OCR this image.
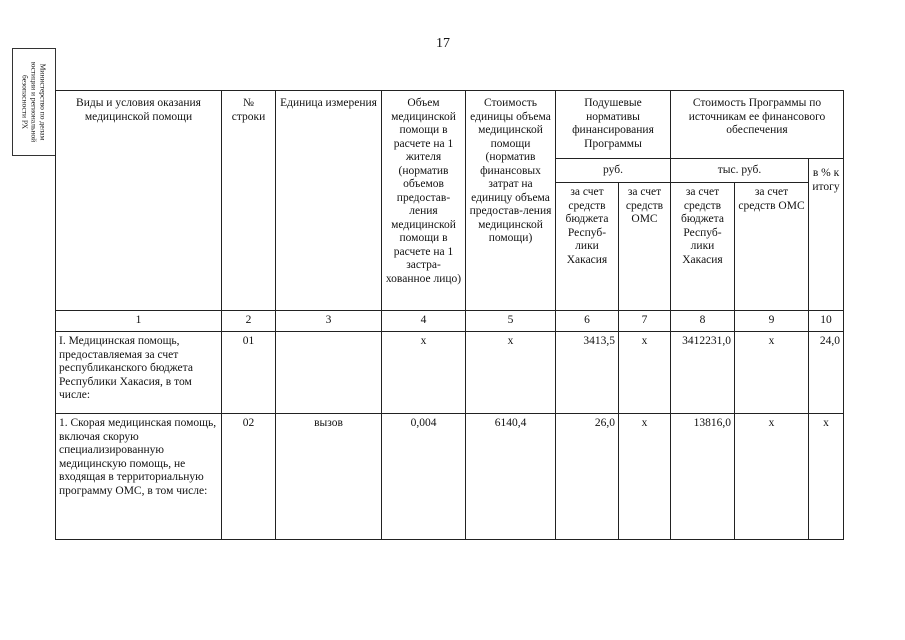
17
Министерство по делам
юстиции и региональной
безопасности РХ	Виды и условия оказания медицинской помощи	№ строки	Единица измерения	Объем медицинской помощи в расчете на 1 жителя (норматив объемов предостав-ления медицинской помощи в расчете на 1 застра-хованное лицо)	Стоимость единицы объема медицинской помощи (норматив финансовых затрат на единицу объема предостав-ления медицинской помощи)	Подушевые нормативы финансирования Программы		Стоимость Программы по источникам ее финансового обеспечения		
					руб.		тыс. руб.		в % к итогу
					за счет средств бюджета Респуб-лики Хакасия	за счет средств ОМС	за счет средств бюджета Респуб-лики Хакасия	за счет средств ОМС	
1	2	3	4	5	6	7	8	9	10
I. Медицинская помощь, предоставляемая за счет республиканского бюджета Республики Хакасия, в том числе:	01		x	x	3413,5	x	3412231,0	x	24,0
1. Скорая медицинская помощь, включая скорую специализированную медицинскую помощь, не входящая в территориальную программу ОМС, в том числе:	02	вызов	0,004	6140,4	26,0	x	13816,0	x	x
